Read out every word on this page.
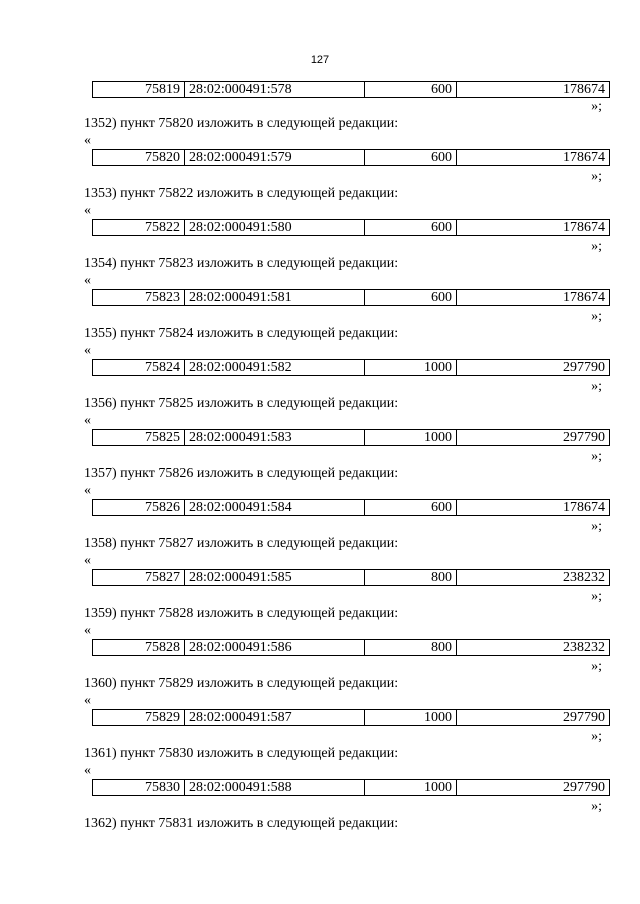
127
75819	28:02:000491:578	600	178674
»;
1352) пункт 75820 изложить в следующей редакции:
«
75820	28:02:000491:579	600	178674
»;
1353) пункт 75822 изложить в следующей редакции:
«
75822	28:02:000491:580	600	178674
»;
1354) пункт 75823 изложить в следующей редакции:
«
75823	28:02:000491:581	600	178674
»;
1355) пункт 75824 изложить в следующей редакции:
«
75824	28:02:000491:582	1000	297790
»;
1356) пункт 75825 изложить в следующей редакции:
«
75825	28:02:000491:583	1000	297790
»;
1357) пункт 75826 изложить в следующей редакции:
«
75826	28:02:000491:584	600	178674
»;
1358) пункт 75827 изложить в следующей редакции:
«
75827	28:02:000491:585	800	238232
»;
1359) пункт 75828 изложить в следующей редакции:
«
75828	28:02:000491:586	800	238232
»;
1360) пункт 75829 изложить в следующей редакции:
«
75829	28:02:000491:587	1000	297790
»;
1361) пункт 75830 изложить в следующей редакции:
«
75830	28:02:000491:588	1000	297790
»;
1362) пункт 75831 изложить в следующей редакции:
